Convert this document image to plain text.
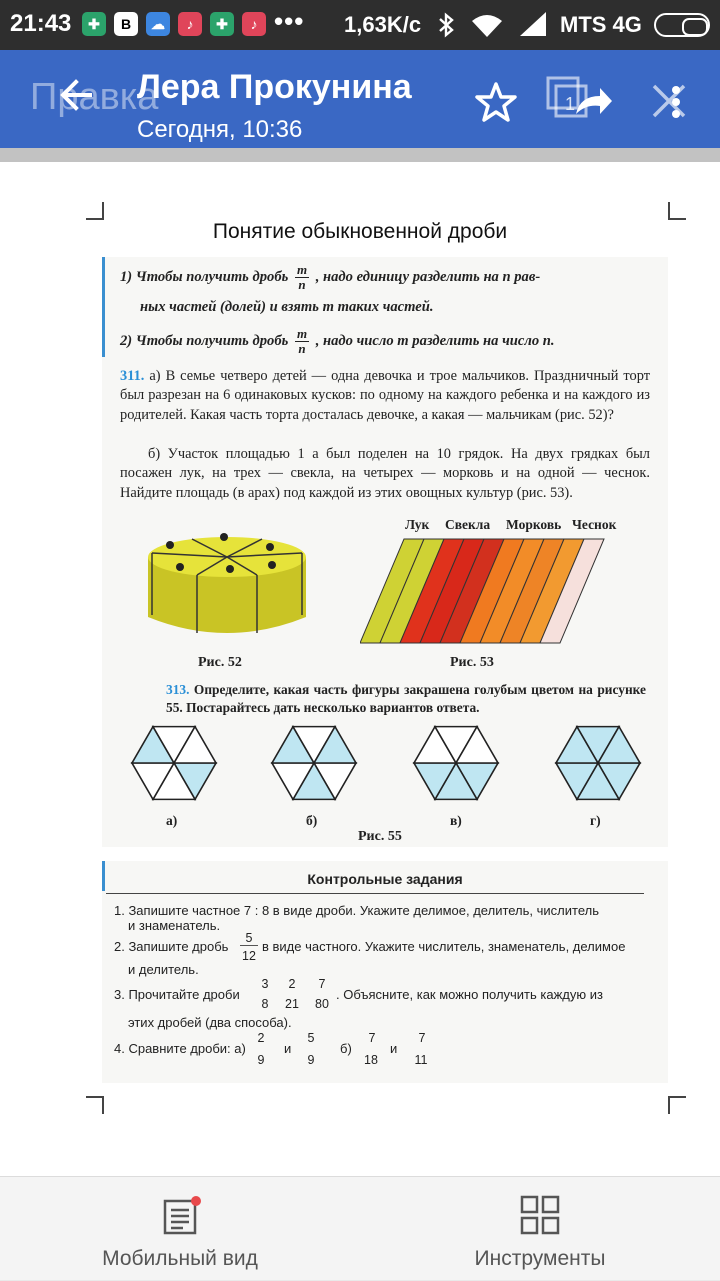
21:43	✚	B	☁	♪	✚	♪ ••• 1,63K/c	MTS 4G
Правка
Лера Прокунина
Сегодня, 10:36
1
Понятие обыкновенной дроби
1) Чтобы получить дробь $\frac{m}{n}$ , надо единицу разделить на n рав-
ных частей (долей) и взять m таких частей.
2) Чтобы получить дробь $\frac{m}{n}$ , надо число m разделить на число n.
311. а) В семье четверо детей — одна девочка и трое мальчиков. Праздничный торт был разрезан на 6 одинаковых кусков: по одному на каждого ребенка и на каждого из родителей. Какая часть торта досталась девочке, а какая — мальчикам (рис. 52)?
б) Участок площадью 1 а был поделен на 10 грядок. На двух грядках был посажен лук, на трех — свекла, на четырех — морковь и на одной — чеснок. Найдите площадь (в арах) под каждой из этих овощных культур (рис. 53).
Рис. 52
Лук Свекла Морковь Чеснок
Рис. 53
313. Определите, какая часть фигуры закрашена голубым цветом на рисунке 55. Постарайтесь дать несколько вариантов ответа.
а)	б)	в)	г)
Рис. 55
Контрольные задания
1. Запишите частное 7 : 8 в виде дроби. Укажите делимое, делитель, числитель
и знаменатель.
2. Запишите дробь
5
12
в виде частного. Укажите числитель, знаменатель, делимое
и делитель.
3. Прочитайте дроби
3
8
2
21
7
80
. Объясните, как можно получить каждую из
этих дробей (два способа).
4. Сравните дроби: а)
2
9
и
5
9
б)
7
18
и
7
11
Мобильный вид	Инструменты
